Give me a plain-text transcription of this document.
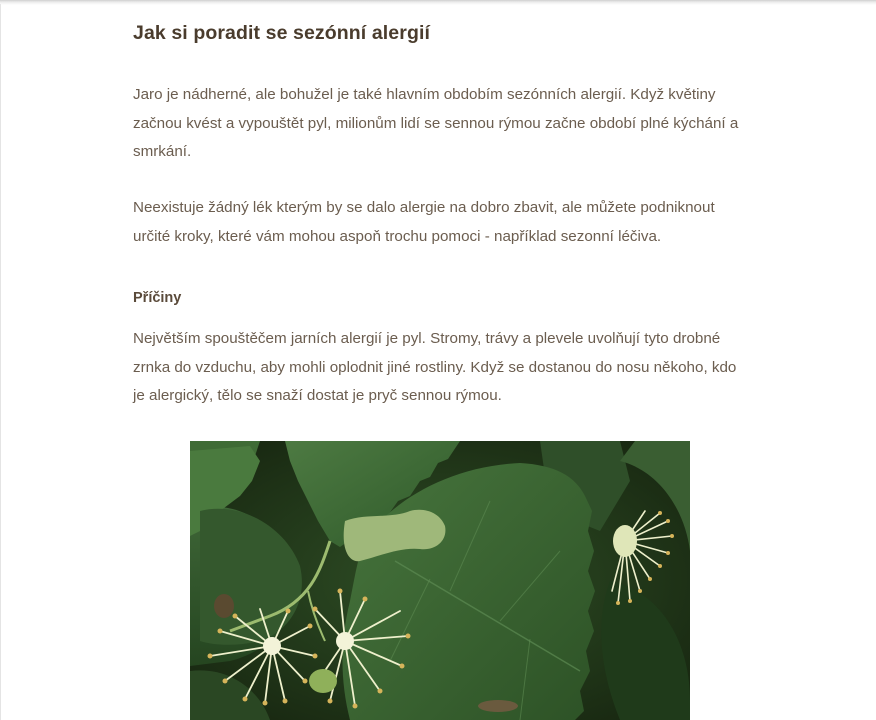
Jak si poradit se sezónní alergií

Jaro je nádherné, ale bohužel je také hlavním obdobím sezónních alergií. Když květiny začnou kvést a vypouštět pyl, milionům lidí se sennou rýmou začne období plné kýchání a smrkání.

Neexistuje žádný lék kterým by se dalo alergie na dobro zbavit, ale můžete podniknout určité kroky, které vám mohou aspoň trochu pomoci - například sezonní léčiva.

Příčiny

Největším spouštěčem jarních alergií je pyl. Stromy, trávy a plevele uvolňují tyto drobné zrnka do vzduchu, aby mohli oplodnit jiné rostliny. Když se dostanou do nosu někoho, kdo je alergický, tělo se snaží dostat je pryč sennou rýmou.
